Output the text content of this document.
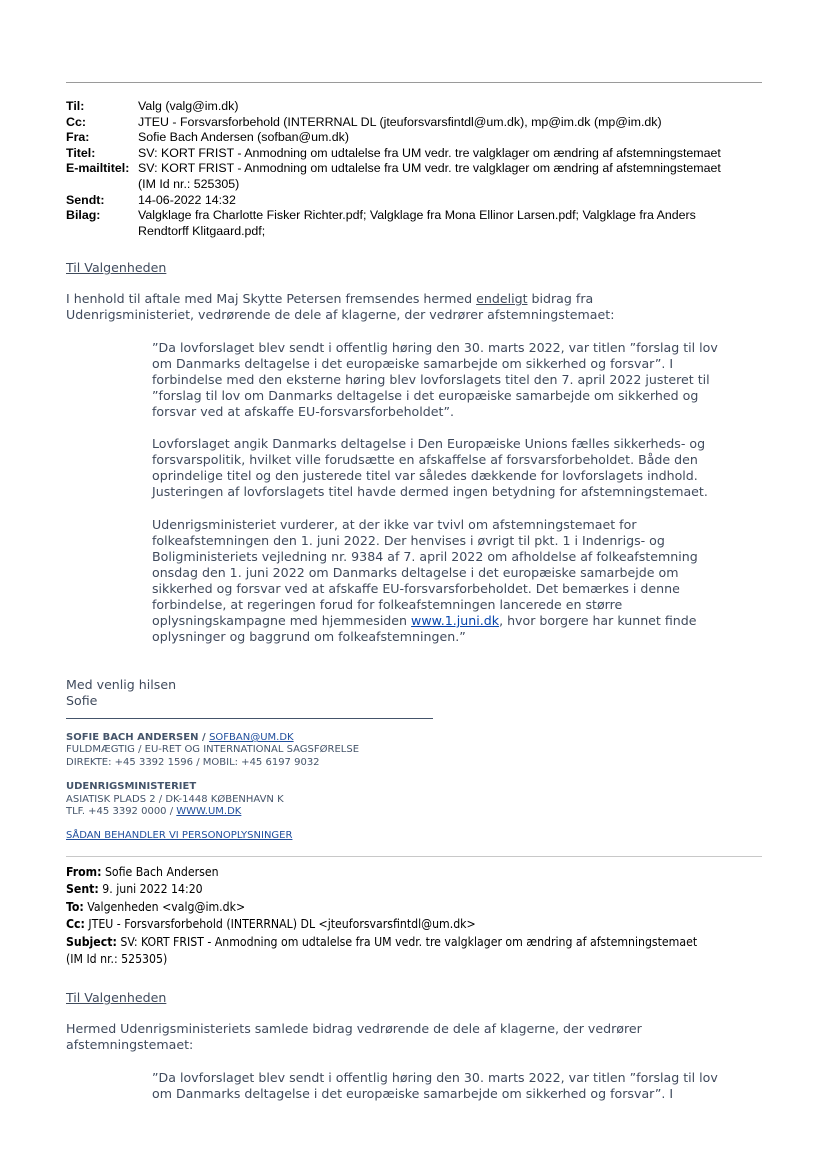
Til:	Valg (valg@im.dk)
Cc:	JTEU - Forsvarsforbehold (INTERRNAL DL (jteuforsvarsfintdl@um.dk), mp@im.dk (mp@im.dk)
Fra:	Sofie Bach Andersen (sofban@um.dk)
Titel:	SV: KORT FRIST - Anmodning om udtalelse fra UM vedr. tre valgklager om ændring af afstemningstemaet
E-mailtitel: SV: KORT FRIST - Anmodning om udtalelse fra UM vedr. tre valgklager om ændring af afstemningstemaet
(IM Id nr.: 525305)
Sendt:	14-06-2022 14:32
Bilag:	Valgklage fra Charlotte Fisker Richter.pdf; Valgklage fra Mona Ellinor Larsen.pdf; Valgklage fra Anders
Rendtorff Klitgaard.pdf;
Til Valgenheden
I henhold til aftale med Maj Skytte Petersen fremsendes hermed endeligt bidrag fra
Udenrigsministeriet, vedrørende de dele af klagerne, der vedrører afstemningstemaet:
”Da lovforslaget blev sendt i offentlig høring den 30. marts 2022, var titlen ”forslag til lov
om Danmarks deltagelse i det europæiske samarbejde om sikkerhed og forsvar”. I
forbindelse med den eksterne høring blev lovforslagets titel den 7. april 2022 justeret til
”forslag til lov om Danmarks deltagelse i det europæiske samarbejde om sikkerhed og
forsvar ved at afskaffe EU-forsvarsforbeholdet”.
Lovforslaget angik Danmarks deltagelse i Den Europæiske Unions fælles sikkerheds- og
forsvarspolitik, hvilket ville forudsætte en afskaffelse af forsvarsforbeholdet. Både den
oprindelige titel og den justerede titel var således dækkende for lovforslagets indhold.
Justeringen af lovforslagets titel havde dermed ingen betydning for afstemningstemaet.
Udenrigsministeriet vurderer, at der ikke var tvivl om afstemningstemaet for
folkeafstemningen den 1. juni 2022. Der henvises i øvrigt til pkt. 1 i Indenrigs- og
Boligministeriets vejledning nr. 9384 af 7. april 2022 om afholdelse af folkeafstemning
onsdag den 1. juni 2022 om Danmarks deltagelse i det europæiske samarbejde om
sikkerhed og forsvar ved at afskaffe EU-forsvarsforbeholdet. Det bemærkes i denne
forbindelse, at regeringen forud for folkeafstemningen lancerede en større
oplysningskampagne med hjemmesiden www.1.juni.dk, hvor borgere har kunnet finde
oplysninger og baggrund om folkeafstemningen.”
Med venlig hilsen
Sofie
SOFIE BACH ANDERSEN / SOFBAN@UM.DK
FULDMÆGTIG / EU-RET OG INTERNATIONAL SAGSFØRELSE
DIREKTE: +45 3392 1596 / MOBIL: +45 6197 9032
UDENRIGSMINISTERIET
ASIATISK PLADS 2 / DK-1448 KØBENHAVN K
TLF. +45 3392 0000 / WWW.UM.DK
SÅDAN BEHANDLER VI PERSONOPLYSNINGER
From: Sofie Bach Andersen
Sent: 9. juni 2022 14:20
To: Valgenheden <valg@im.dk>
Cc: JTEU - Forsvarsforbehold (INTERRNAL) DL <jteuforsvarsfintdl@um.dk>
Subject: SV: KORT FRIST - Anmodning om udtalelse fra UM vedr. tre valgklager om ændring af afstemningstemaet
(IM Id nr.: 525305)
Til Valgenheden
Hermed Udenrigsministeriets samlede bidrag vedrørende de dele af klagerne, der vedrører
afstemningstemaet:
”Da lovforslaget blev sendt i offentlig høring den 30. marts 2022, var titlen ”forslag til lov
om Danmarks deltagelse i det europæiske samarbejde om sikkerhed og forsvar”. I
